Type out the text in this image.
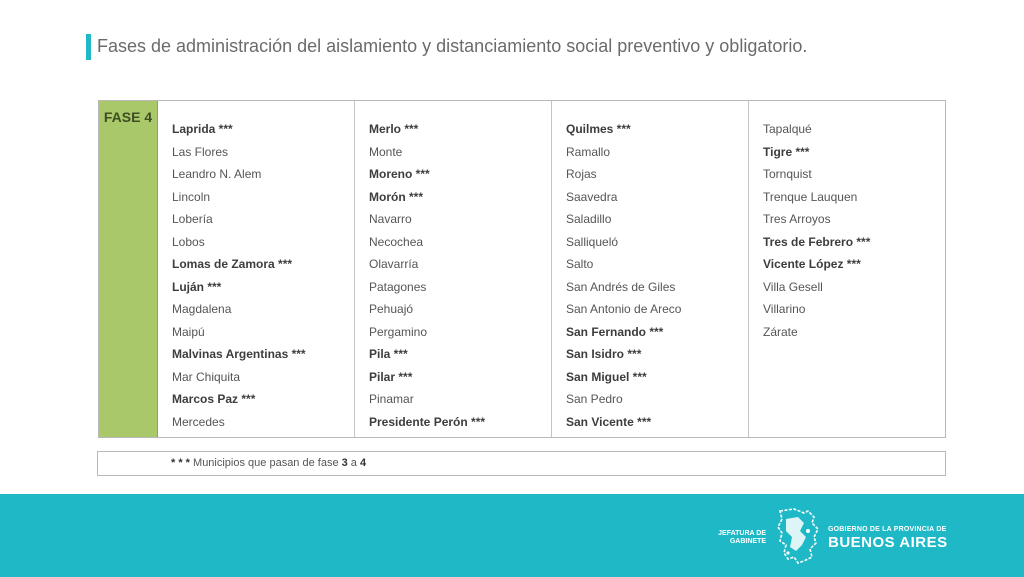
Fases de administración del aislamiento y distanciamiento social preventivo y obligatorio.
FASE 4
Laprida ***
Las Flores
Leandro N. Alem
Lincoln
Lobería
Lobos
Lomas de Zamora ***
Luján ***
Magdalena
Maipú
Malvinas Argentinas ***
Mar Chiquita
Marcos Paz ***
Mercedes
Merlo ***
Monte
Moreno ***
Morón ***
Navarro
Necochea
Olavarría
Patagones
Pehuajó
Pergamino
Pila ***
Pilar ***
Pinamar
Presidente Perón ***
Quilmes ***
Ramallo
Rojas
Saavedra
Saladillo
Salliqueló
Salto
San Andrés de Giles
San Antonio de Areco
San Fernando ***
San Isidro ***
San Miguel ***
San Pedro
San Vicente ***
Tapalqué
Tigre ***
Tornquist
Trenque Lauquen
Tres Arroyos
Tres de Febrero ***
Vicente López ***
Villa Gesell
Villarino
Zárate
* * * Municipios que pasan de fase 3 a 4
JEFATURA DE
GABINETE
GOBIERNO DE LA PROVINCIA DE
BUENOS AIRES
